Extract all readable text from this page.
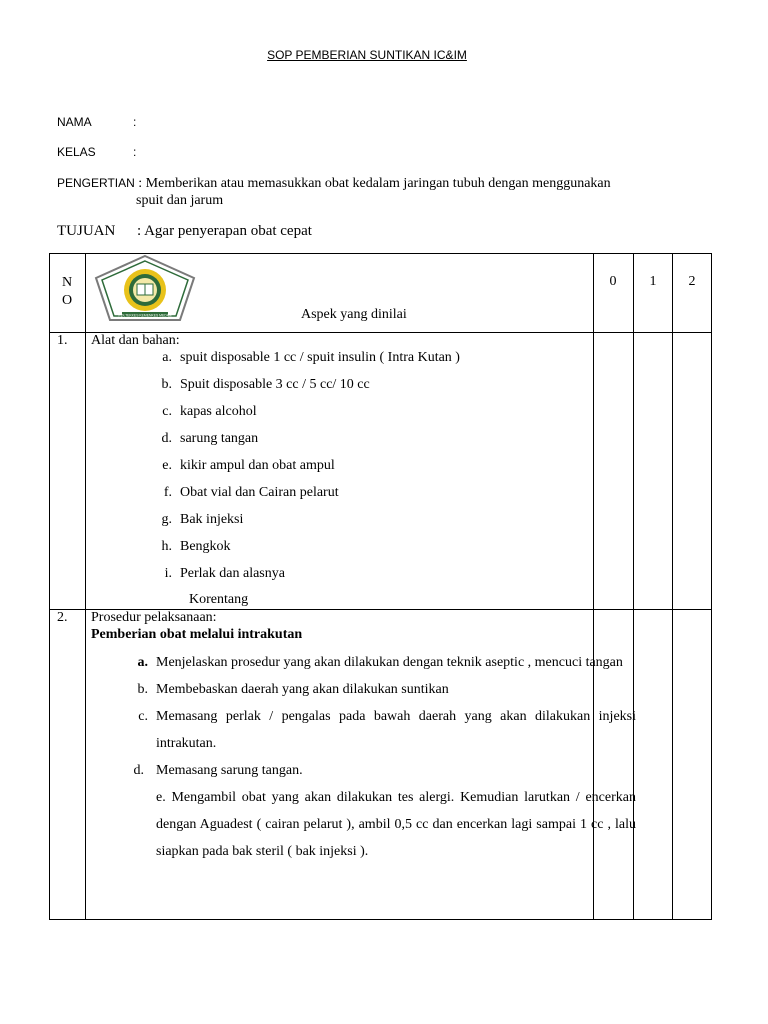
SOP PEMBERIAN SUNTIKAN IC&IM
NAMA	:
KELAS	:
PENGERTIAN : Memberikan atau memasukkan obat kedalam jaringan tubuh dengan menggunakan
spuit dan jarum
TUJUAN : Agar penyerapan obat cepat
N
O
POLTEKKES KEMENKES MEDAN	Aspek yang dinilai
0	1	2
1. Alat dan bahan:
a. spuit disposable 1 cc / spuit insulin ( Intra Kutan )
b. Spuit disposable 3 cc / 5 cc/ 10 cc
c. kapas alcohol
d. sarung tangan
e. kikir ampul dan obat ampul
f. Obat vial dan Cairan pelarut
g. Bak injeksi
h. Bengkok
i. Perlak dan alasnya
Korentang
2. Prosedur pelaksanaan:
Pemberian obat melalui intrakutan

a. Menjelaskan prosedur yang akan dilakukan dengan teknik aseptic , mencuci tangan

b. Membebaskan daerah yang akan dilakukan suntikan

c. Memasang perlak / pengalas pada bawah daerah yang akan dilakukan injeksi intrakutan.

d. Memasang sarung tangan.

e. Mengambil obat yang akan dilakukan tes alergi. Kemudian larutkan / encerkan dengan Aguadest ( cairan pelarut ), ambil 0,5 cc dan encerkan lagi sampai 1 cc , lalu siapkan pada bak steril ( bak injeksi ).
